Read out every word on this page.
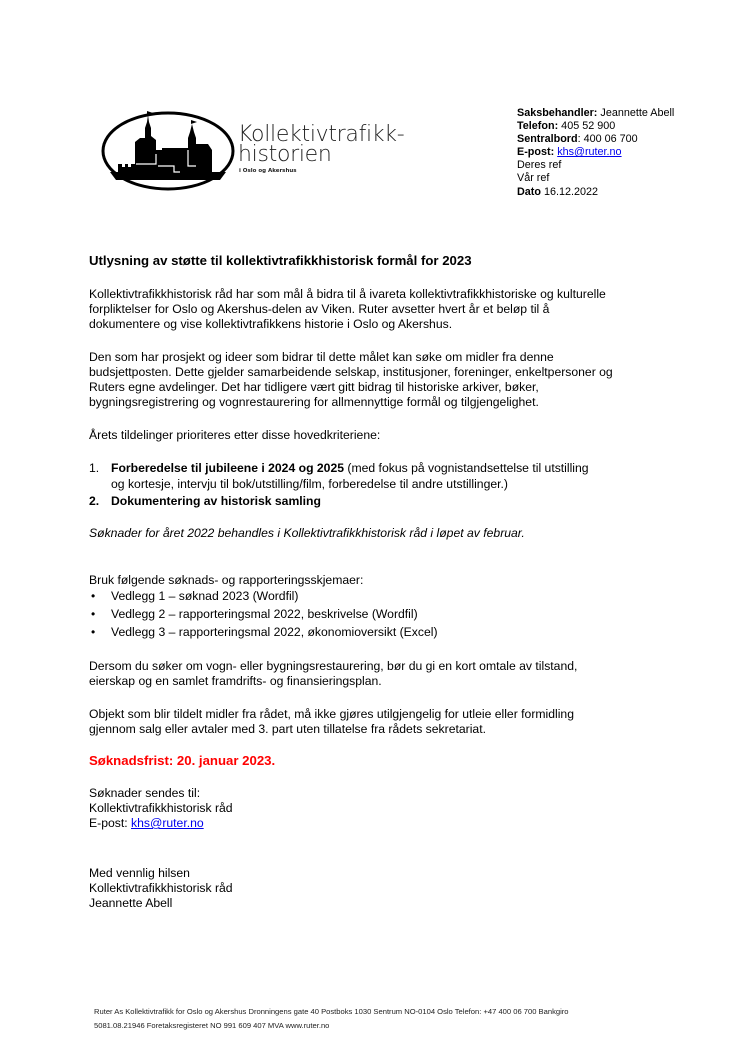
Kollektivtrafikk-
historien
i Oslo og Akershus
Saksbehandler: Jeannette Abell
Telefon: 405 52 900
Sentralbord: 400 06 700
E-post: khs@ruter.no
Deres ref
Vår ref
Dato 16.12.2022
Utlysning av støtte til kollektivtrafikkhistorisk formål for 2023
Kollektivtrafikkhistorisk råd har som mål å bidra til å ivareta kollektivtrafikkhistoriske og kulturelle
forpliktelser for Oslo og Akershus-delen av Viken. Ruter avsetter hvert år et beløp til å
dokumentere og vise kollektivtrafikkens historie i Oslo og Akershus.
Den som har prosjekt og ideer som bidrar til dette målet kan søke om midler fra denne
budsjettposten. Dette gjelder samarbeidende selskap, institusjoner, foreninger, enkeltpersoner og
Ruters egne avdelinger. Det har tidligere vært gitt bidrag til historiske arkiver, bøker,
bygningsregistrering og vognrestaurering for allmennyttige formål og tilgjengelighet.
Årets tildelinger prioriteres etter disse hovedkriteriene:
1. Forberedelse til jubileene i 2024 og 2025 (med fokus på vognistandsettelse til utstilling
og kortesje, intervju til bok/utstilling/film, forberedelse til andre utstillinger.)
2. Dokumentering av historisk samling
Søknader for året 2022 behandles i Kollektivtrafikkhistorisk råd i løpet av februar.
Bruk følgende søknads- og rapporteringsskjemaer:
• Vedlegg 1 – søknad 2023 (Wordfil)
• Vedlegg 2 – rapporteringsmal 2022, beskrivelse (Wordfil)
• Vedlegg 3 – rapporteringsmal 2022, økonomioversikt (Excel)
Dersom du søker om vogn- eller bygningsrestaurering, bør du gi en kort omtale av tilstand,
eierskap og en samlet framdrifts- og finansieringsplan.
Objekt som blir tildelt midler fra rådet, må ikke gjøres utilgjengelig for utleie eller formidling
gjennom salg eller avtaler med 3. part uten tillatelse fra rådets sekretariat.
Søknadsfrist: 20. januar 2023.
Søknader sendes til:
Kollektivtrafikkhistorisk råd
E-post: khs@ruter.no
Med vennlig hilsen
Kollektivtrafikkhistorisk råd
Jeannette Abell
Ruter As Kollektivtrafikk for Oslo og Akershus Dronningens gate 40 Postboks 1030 Sentrum NO-0104 Oslo Telefon: +47 400 06 700 Bankgiro
5081.08.21946 Foretaksregisteret NO 991 609 407 MVA www.ruter.no
